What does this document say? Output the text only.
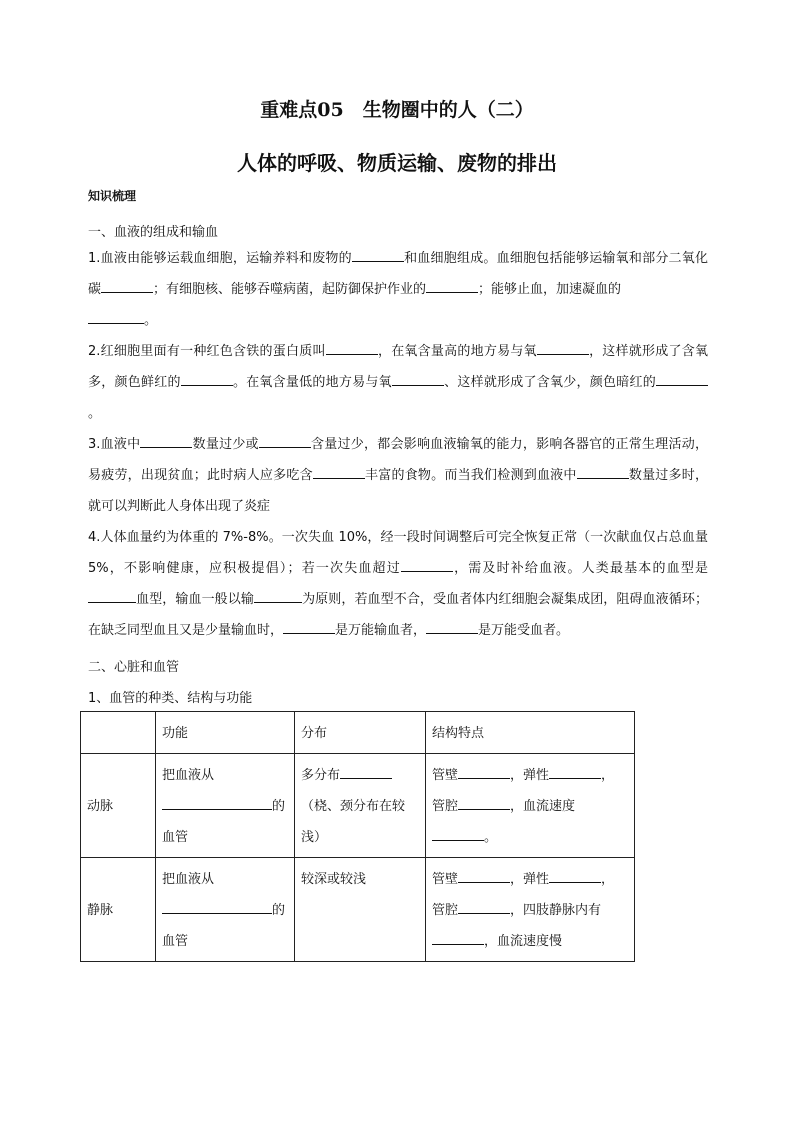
重难点05　生物圈中的人（二）
人体的呼吸、物质运输、废物的排出
知识梳理
一、血液的组成和输血
1.血液由能够运载血细胞，运输养料和废物的	和血细胞组成。血细胞包括能够运输氧和部分二氧化碳	；有细胞核、能够吞噬病菌，起防御保护作业的	；能够止血，加速凝血的
。
2.红细胞里面有一种红色含铁的蛋白质叫	，在氧含量高的地方易与氧	，这样就形成了含氧多，颜色鲜红的	。在氧含量低的地方易与氧	、这样就形成了含氧少，颜色暗红的。
3.血液中	数量过少或	含量过少，都会影响血液输氧的能力，影响各器官的正常生理活动，易疲劳，出现贫血；此时病人应多吃含	丰富的食物。而当我们检测到血液中	数量过多时，就可以判断此人身体出现了炎症
4.人体血量约为体重的 7%-8%。一次失血 10%，经一段时间调整后可完全恢复正常（一次献血仅占总血量 5%，不影响健康，应积极提倡）；若一次失血超过	，需及时补给血液。人类最基本的血型是血型，输血一般以输	为原则，若血型不合，受血者体内红细胞会凝集成团，阻碍血液循环；在缺乏同型血且又是少量输血时，	是万能输血者，	是万能受血者。
二、心脏和血管
1、血管的种类、结构与功能
	功能	分布	结构特点
动脉	把血液从
的
血管	多分布
（桡、颈分布在较浅）	管壁 ，弹性 ，
管腔 ，血流速度
。
静脉	把血液从
的
血管	较深或较浅	管壁 ，弹性 ，
管腔 ，四肢静脉内有
，血流速度慢
